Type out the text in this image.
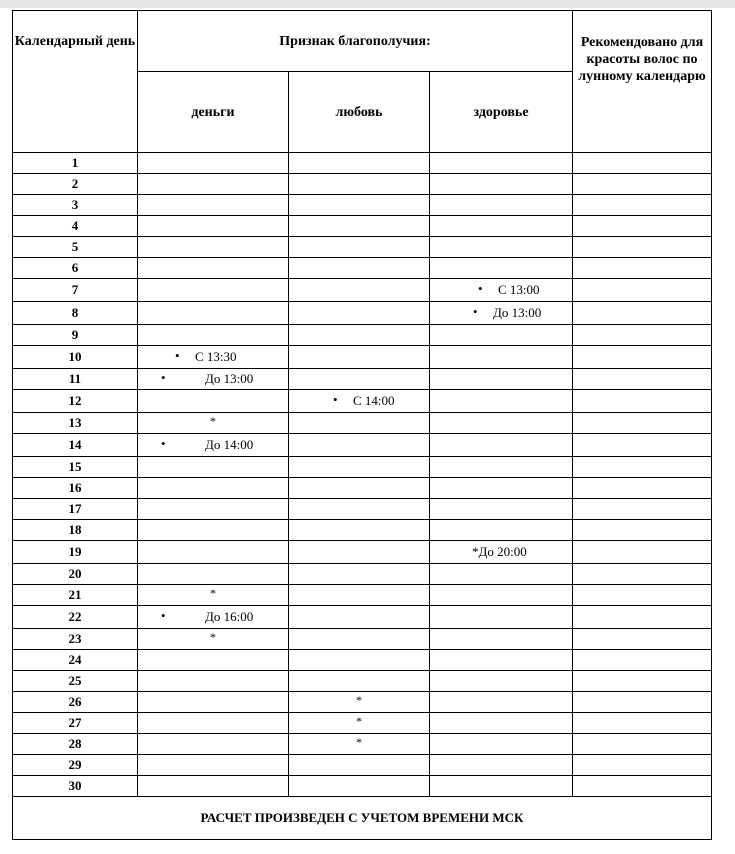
Календарный день	Признак благополучия:			Рекомендовано для красоты волос по лунному календарю
	деньги	любовь	здоровье	
1	

2	

3	

4	

5	

6	

7			• С 13:00	

8			• До 13:00	

9	

10	• С 13:30			

11	• До 13:00			

12		• С 14:00		

13	*			

14	• До 14:00			

15	

16	

17	

18	

19			*До 20:00	

20	

21	*			

22	• До 16:00			

23	*			

24	

25	

26		*		

27		*		

28		*		

29	

30	

РАСЧЕТ ПРОИЗВЕДЕН С УЧЕТОМ ВРЕМЕНИ МСК				
